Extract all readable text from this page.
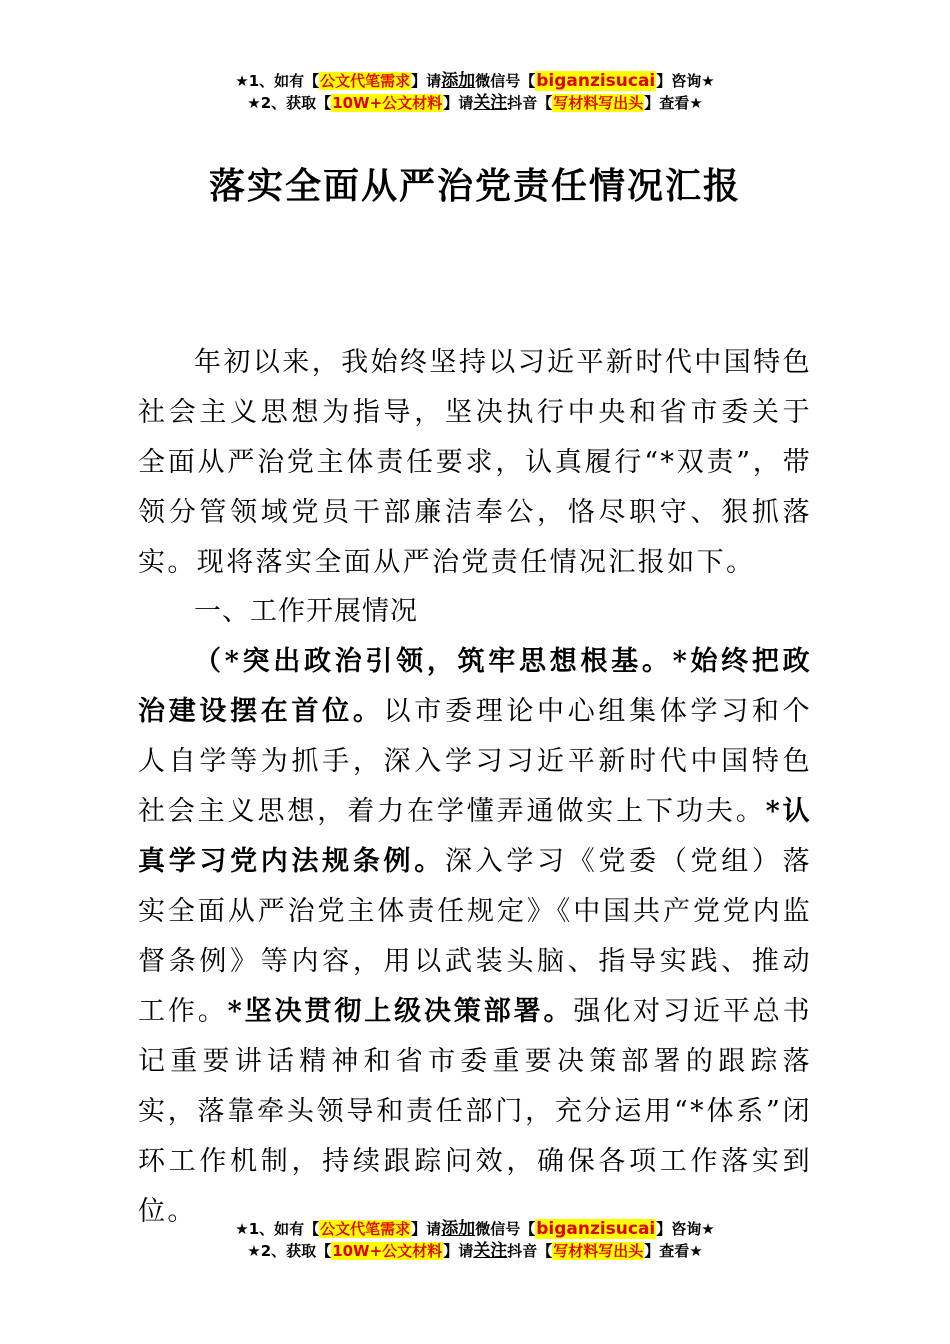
★1、如有【公文代笔需求】请添加微信号【biganzisucai】咨询★
★2、获取【10W+公文材料】请关注抖音【写材料写出头】查看★
落实全面从严治党责任情况汇报

年初以来，我始终坚持以习近平新时代中国特色社会主义思想为指导，坚决执行中央和省市委关于全面从严治党主体责任要求，认真履行“*双责”，带领分管领域党员干部廉洁奉公，恪尽职守、狠抓落实。现将落实全面从严治党责任情况汇报如下。

一、工作开展情况

（*突出政治引领，筑牢思想根基。*始终把政治建设摆在首位。以市委理论中心组集体学习和个人自学等为抓手，深入学习习近平新时代中国特色社会主义思想，着力在学懂弄通做实上下功夫。*认真学习党内法规条例。深入学习《党委（党组）落实全面从严治党主体责任规定》《中国共产党党内监督条例》等内容，用以武装头脑、指导实践、推动工作。*坚决贯彻上级决策部署。强化对习近平总书记重要讲话精神和省市委重要决策部署的跟踪落实，落靠牵头领导和责任部门，充分运用“*体系”闭环工作机制，持续跟踪问效，确保各项工作落实到位。

★1、如有【公文代笔需求】请添加微信号【biganzisucai】咨询★
★2、获取【10W+公文材料】请关注抖音【写材料写出头】查看★
